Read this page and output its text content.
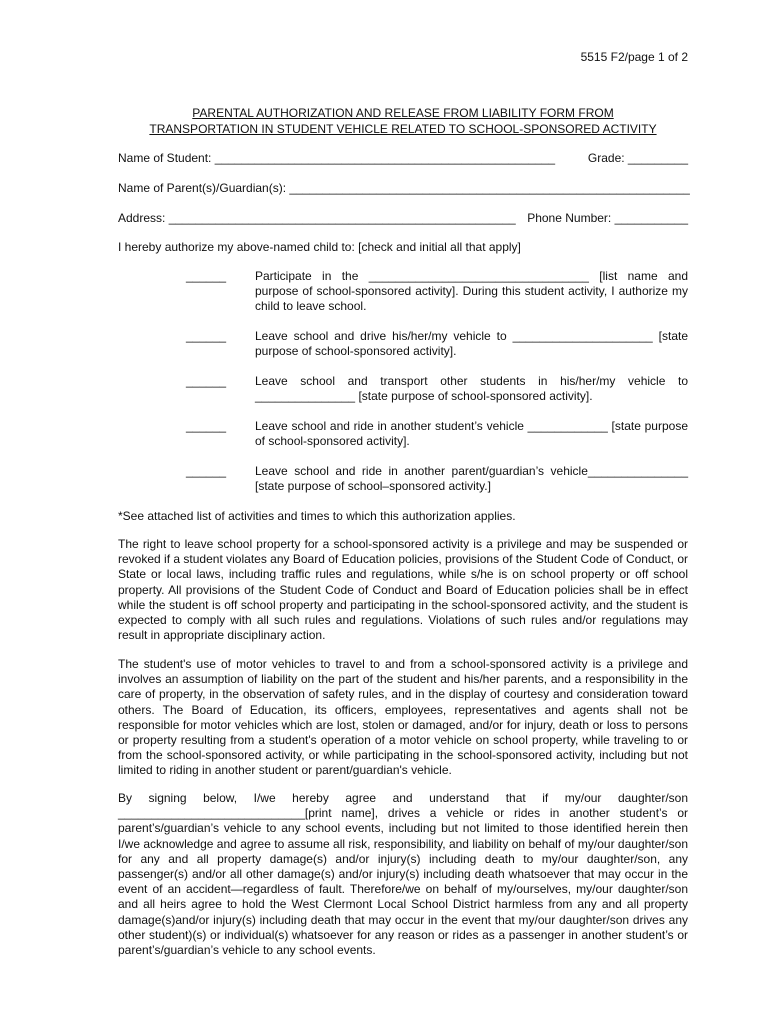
5515 F2/page 1 of 2
PARENTAL AUTHORIZATION AND RELEASE FROM LIABILITY FORM FROM
TRANSPORTATION IN STUDENT VEHICLE RELATED TO SCHOOL-SPONSORED ACTIVITY
Name of Student: ___________________________________________________	Grade: _________
Name of Parent(s)/Guardian(s): ____________________________________________________________
Address: ____________________________________________________ Phone Number: ___________
I hereby authorize my above-named child to: [check and initial all that apply]
______ Participate in the _________________________________ [list name and purpose of school-sponsored activity]. During this student activity, I authorize my child to leave school.
______ Leave school and drive his/her/my vehicle to _____________________ [state purpose of school-sponsored activity].
______ Leave school and transport other students in his/her/my vehicle to _______________ [state purpose of school-sponsored activity].
______ Leave school and ride in another student’s vehicle ____________ [state purpose of school-sponsored activity].
______ Leave school and ride in another parent/guardian’s vehicle_______________ [state purpose of school–sponsored activity.]
*See attached list of activities and times to which this authorization applies.
The right to leave school property for a school-sponsored activity is a privilege and may be suspended or revoked if a student violates any Board of Education policies, provisions of the Student Code of Conduct, or State or local laws, including traffic rules and regulations, while s/he is on school property or off school property. All provisions of the Student Code of Conduct and Board of Education policies shall be in effect while the student is off school property and participating in the school-sponsored activity, and the student is expected to comply with all such rules and regulations. Violations of such rules and/or regulations may result in appropriate disciplinary action.
The student's use of motor vehicles to travel to and from a school-sponsored activity is a privilege and involves an assumption of liability on the part of the student and his/her parents, and a responsibility in the care of property, in the observation of safety rules, and in the display of courtesy and consideration toward others. The Board of Education, its officers, employees, representatives and agents shall not be responsible for motor vehicles which are lost, stolen or damaged, and/or for injury, death or loss to persons or property resulting from a student's operation of a motor vehicle on school property, while traveling to or from the school-sponsored activity, or while participating in the school-sponsored activity, including but not limited to riding in another student or parent/guardian's vehicle.
By signing below, I/we hereby agree and understand that if my/our daughter/son ____________________________[print name], drives a vehicle or rides in another student’s or parent’s/guardian’s vehicle to any school events, including but not limited to those identified herein then I/we acknowledge and agree to assume all risk, responsibility, and liability on behalf of my/our daughter/son for any and all property damage(s) and/or injury(s) including death to my/our daughter/son, any passenger(s) and/or all other damage(s) and/or injury(s) including death whatsoever that may occur in the event of an accident—regardless of fault. Therefore/we on behalf of my/ourselves, my/our daughter/son and all heirs agree to hold the West Clermont Local School District harmless from any and all property damage(s)and/or injury(s) including death that may occur in the event that my/our daughter/son drives any other student)(s) or individual(s) whatsoever for any reason or rides as a passenger in another student’s or parent’s/guardian’s vehicle to any school events.
